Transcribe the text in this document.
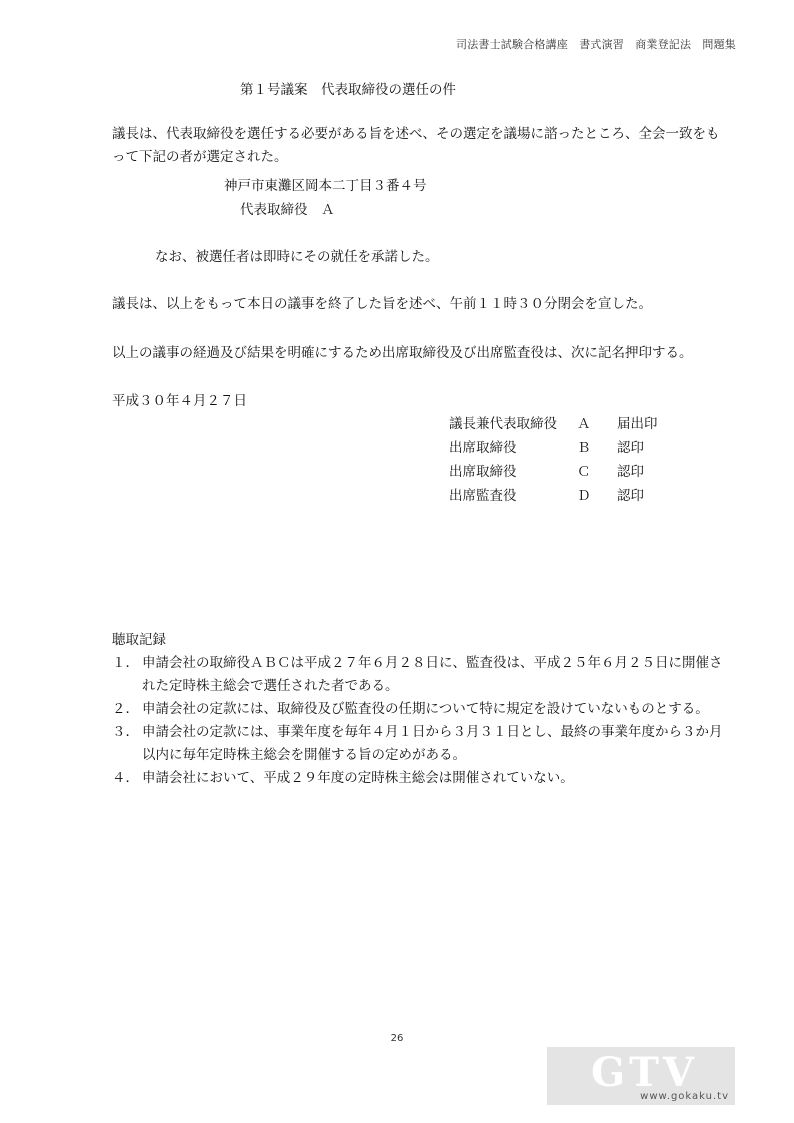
司法書士試験合格講座　書式演習　商業登記法　問題集
第１号議案　代表取締役の選任の件
議長は、代表取締役を選任する必要がある旨を述べ、その選定を議場に諮ったところ、全会一致をも
って下記の者が選定された。
神戸市東灘区岡本二丁目３番４号
代表取締役　Ａ
なお、被選任者は即時にその就任を承諾した。
議長は、以上をもって本日の議事を終了した旨を述べ、午前１１時３０分閉会を宣した。
以上の議事の経過及び結果を明確にするため出席取締役及び出席監査役は、次に記名押印する。
平成３０年４月２７日
議長兼代表取締役	Ａ	届出印
出席取締役	Ｂ	認印
出席取締役	Ｃ	認印
出席監査役	Ｄ	認印
聴取記録
１． 申請会社の取締役ＡＢＣは平成２７年６月２８日に、監査役は、平成２５年６月２５日に開催さ
れた定時株主総会で選任された者である。
２． 申請会社の定款には、取締役及び監査役の任期について特に規定を設けていないものとする。
３． 申請会社の定款には、事業年度を毎年４月１日から３月３１日とし、最終の事業年度から３か月
以内に毎年定時株主総会を開催する旨の定めがある。
４． 申請会社において、平成２９年度の定時株主総会は開催されていない。
26
GTV
www.gokaku.tv
